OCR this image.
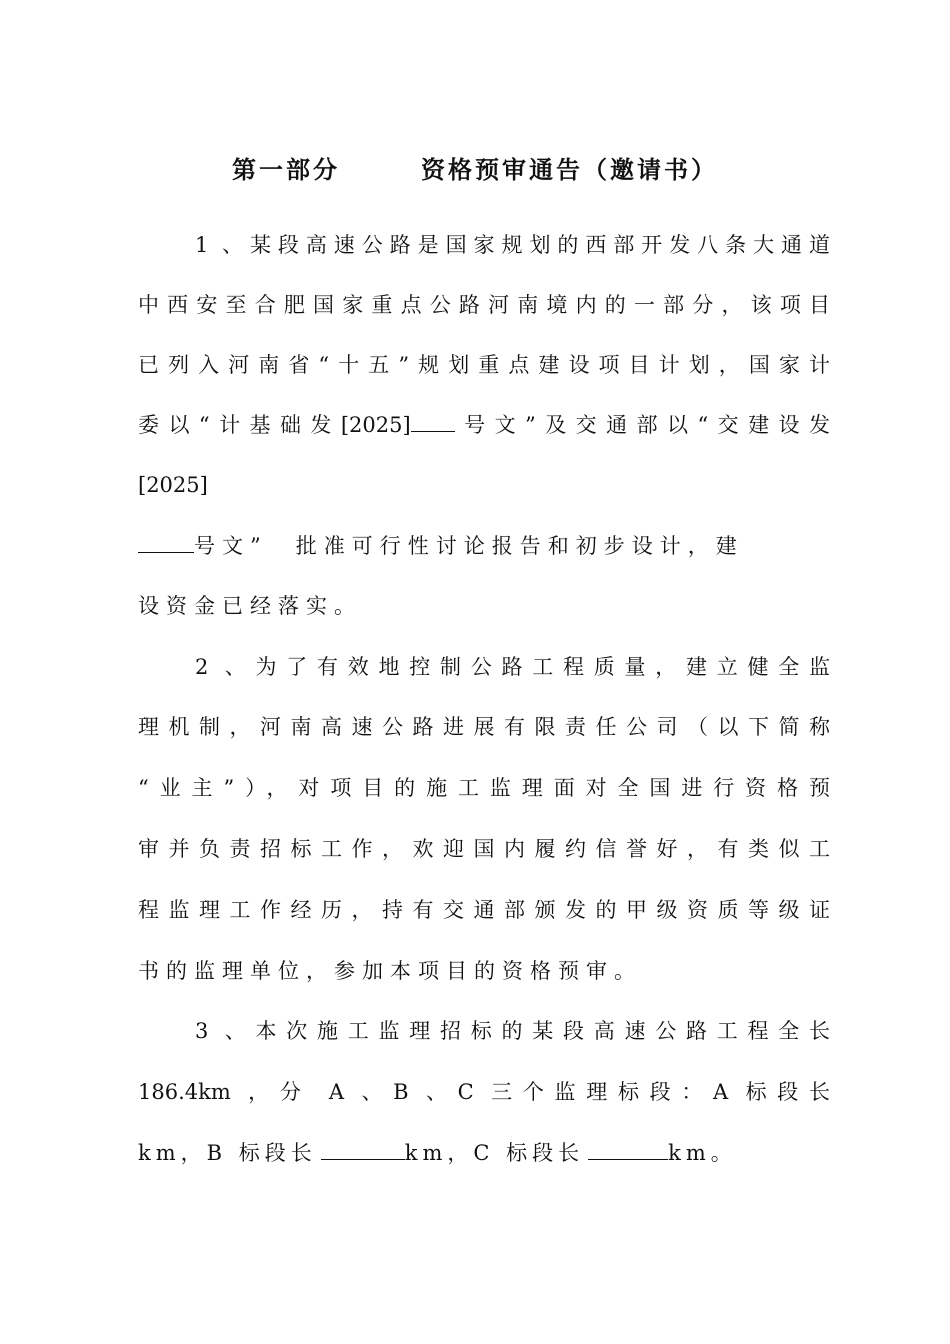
第一部分　　　资格预审通告（邀请书）
1 、某段高速公路是国家规划的西部开发八条大通道
中西安至合肥国家重点公路河南境内的一部分，该项目
已列入河南省“十五”规划重点建设项目计划，国家计
委以“计基础发[2025] 号文”及交通部以“交建设发
[2025]
号文”　批准可行性讨论报告和初步设计，建
设资金已经落实。
2 、为了有效地控制公路工程质量，建立健全监
理机制，河南高速公路进展有限责任公司（以下简称
“业主”），对项目的施工监理面对全国进行资格预
审并负责招标工作，欢迎国内履约信誉好，有类似工
程监理工作经历，持有交通部颁发的甲级资质等级证
书的监理单位，参加本项目的资格预审。
3 、本次施工监理招标的某段高速公路工程全长
186.4km ，分 A 、B 、C 三个监理标段：A 标段长
km，B 标段长	km，C 标段长	km。
